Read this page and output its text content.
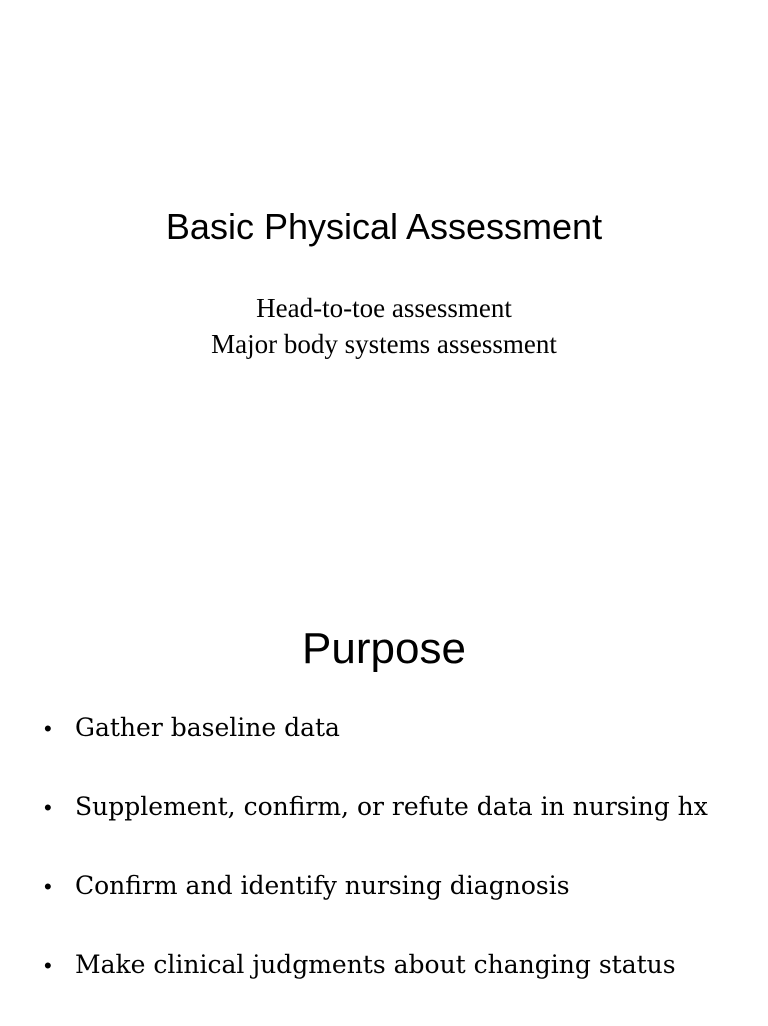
Basic Physical Assessment
Head-to-toe assessment
Major body systems assessment
Purpose
• Gather baseline data
• Supplement, confirm, or refute data in nursing hx
• Confirm and identify nursing diagnosis
• Make clinical judgments about changing status
